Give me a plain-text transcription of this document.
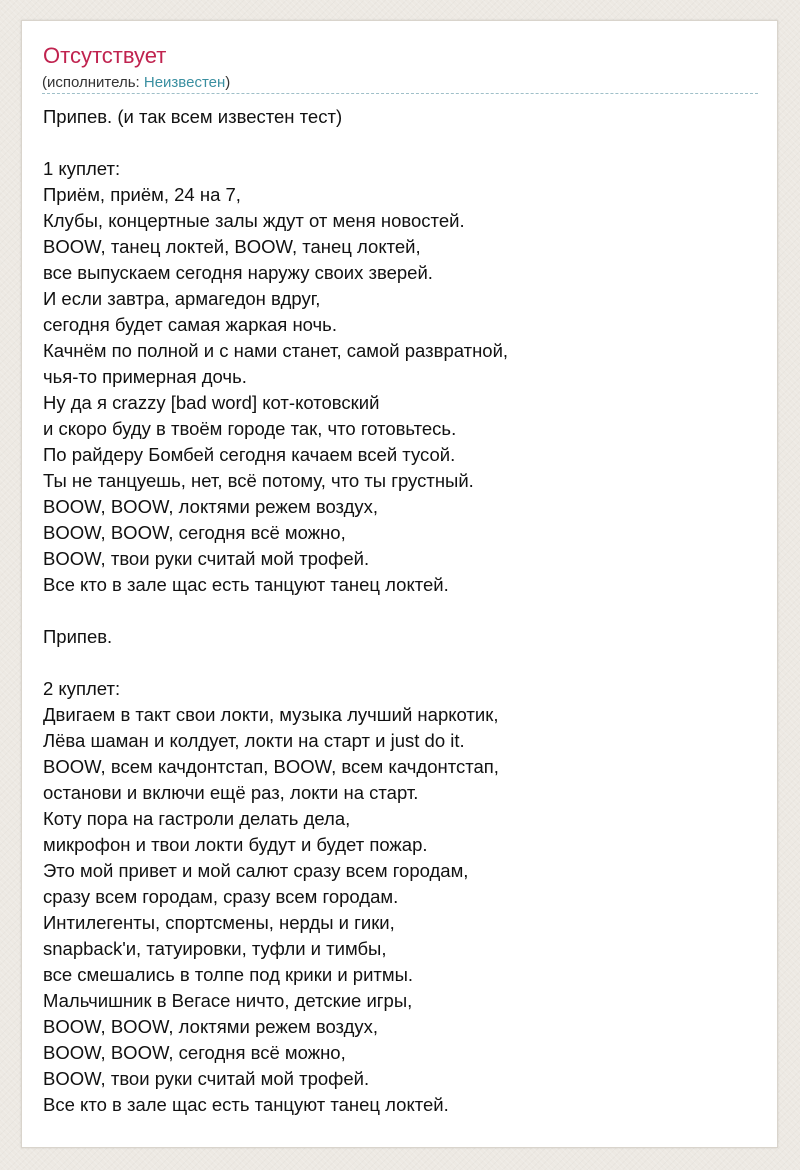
Отсутствует
(исполнитель: Неизвестен)
Припев. (и так всем известен тест)
1 куплет:
Приём, приём, 24 на 7,
Клубы, концертные залы ждут от меня новостей.
BOOW, танец локтей, BOOW, танец локтей,
все выпускаем сегодня наружу своих зверей.
И если завтра, армагедон вдруг,
сегодня будет самая жаркая ночь.
Качнём по полной и с нами станет, самой развратной,
чья-то примерная дочь.
Ну да я crazzy [bad word] кот-котовский
и скоро буду в твоём городе так, что готовьтесь.
По райдеру Бомбей сегодня качаем всей тусой.
Ты не танцуешь, нет, всё потому, что ты грустный.
BOOW, BOOW, локтями режем воздух,
BOOW, BOOW, сегодня всё можно,
BOOW, твои руки считай мой трофей.
Все кто в зале щас есть танцуют танец локтей.
Припев.
2 куплет:
Двигаем в такт свои локти, музыка лучший наркотик,
Лёва шаман и колдует, локти на старт и just do it.
BOOW, всем качдонтстап, BOOW, всем качдонтстап,
останови и включи ещё раз, локти на старт.
Коту пора на гастроли делать дела,
микрофон и твои локти будут и будет пожар.
Это мой привет и мой салют сразу всем городам,
сразу всем городам, сразу всем городам.
Интилегенты, спортсмены, нерды и гики,
snapback'и, татуировки, туфли и тимбы,
все смешались в толпе под крики и ритмы.
Мальчишник в Вегасе ничто, детские игры,
BOOW, BOOW, локтями режем воздух,
BOOW, BOOW, сегодня всё можно,
BOOW, твои руки считай мой трофей.
Все кто в зале щас есть танцуют танец локтей.
